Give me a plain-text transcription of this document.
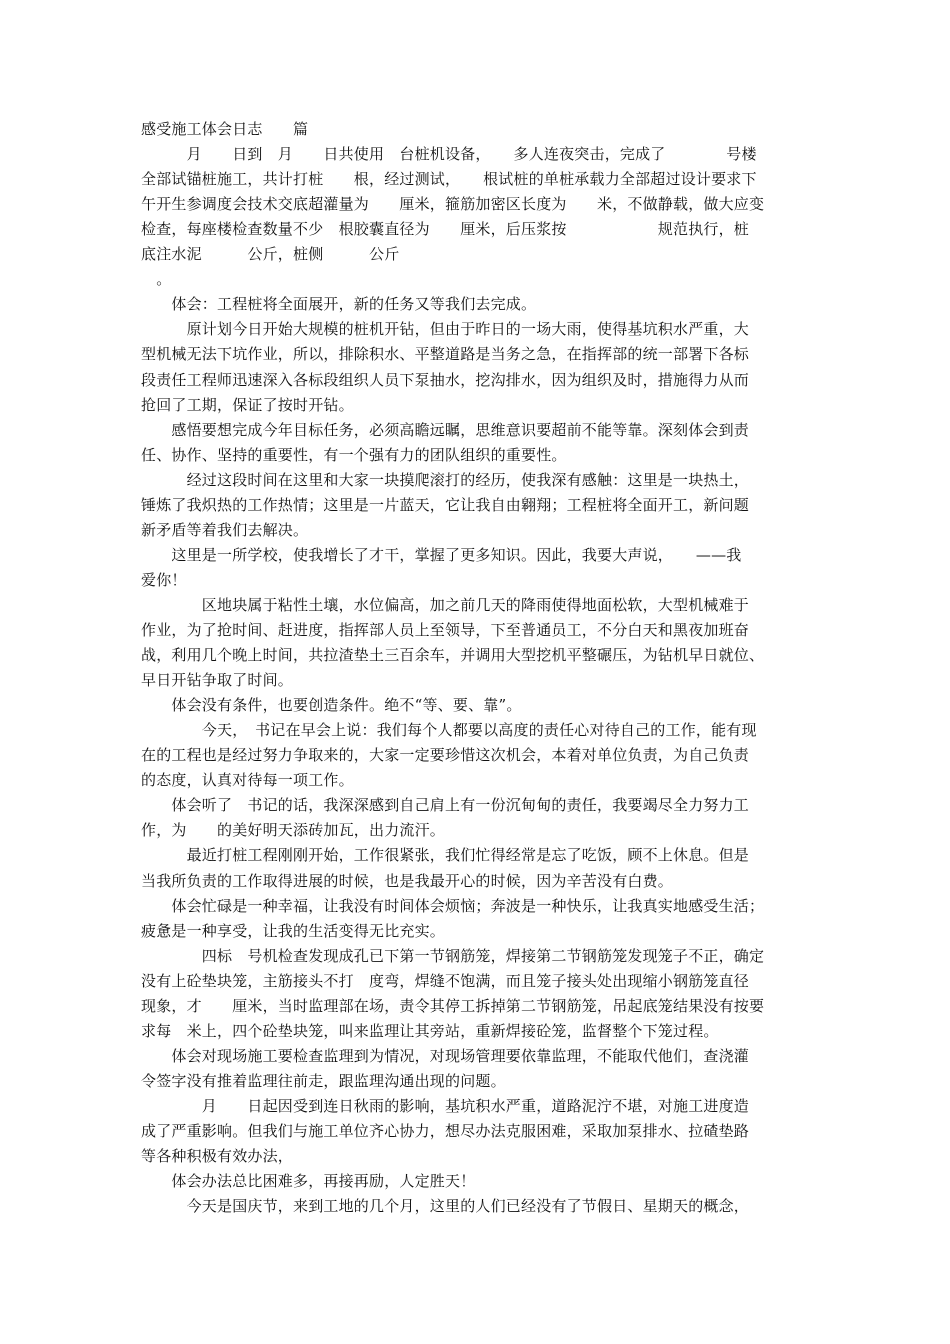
感受施工体会日志　　篇
　　　月　　日到　月　　日共使用　台桩机设备，　　多人连夜突击，完成了　　　　号楼
全部试锚桩施工，共计打桩　　根，经过测试，　　根试桩的单桩承载力全部超过设计要求下
午开生参调度会技术交底超灌量为　　厘米，箍筋加密区长度为　　米，不做静载，做大应变
检查，每座楼检查数量不少　根胶囊直径为　　厘米，后压浆按　　　　　　规范执行，桩
底注水泥　　　公斤，桩侧　　　公斤
　。
　　体会：工程桩将全面展开，新的任务又等我们去完成。
　　　原计划今日开始大规模的桩机开钻，但由于昨日的一场大雨，使得基坑积水严重，大
型机械无法下坑作业，所以，排除积水、平整道路是当务之急，在指挥部的统一部署下各标
段责任工程师迅速深入各标段组织人员下泵抽水，挖沟排水，因为组织及时，措施得力从而
抢回了工期，保证了按时开钻。
　　感悟要想完成今年目标任务，必须高瞻远瞩，思维意识要超前不能等靠。深刻体会到责
任、协作、坚持的重要性，有一个强有力的团队组织的重要性。
　　　经过这段时间在这里和大家一块摸爬滚打的经历，使我深有感触：这里是一块热土，
锤炼了我炽热的工作热情；这里是一片蓝天，它让我自由翱翔；工程桩将全面开工，新问题
新矛盾等着我们去解决。
　　这里是一所学校，使我增长了才干，掌握了更多知识。因此，我要大声说，　　——我
爱你！
　　　　区地块属于粘性土壤，水位偏高，加之前几天的降雨使得地面松软，大型机械难于
作业，为了抢时间、赶进度，指挥部人员上至领导，下至普通员工，不分白天和黑夜加班奋
战，利用几个晚上时间，共拉渣垫土三百余车，并调用大型挖机平整碾压，为钻机早日就位、
早日开钻争取了时间。
　　体会没有条件，也要创造条件。绝不“等、要、靠”。
　　　　今天，　书记在早会上说：我们每个人都要以高度的责任心对待自己的工作，能有现
在的工程也是经过努力争取来的，大家一定要珍惜这次机会，本着对单位负责，为自己负责
的态度，认真对待每一项工作。
　　体会听了　书记的话，我深深感到自己肩上有一份沉甸甸的责任，我要竭尽全力努力工
作，为　　的美好明天添砖加瓦，出力流汗。
　　　最近打桩工程刚刚开始，工作很紧张，我们忙得经常是忘了吃饭，顾不上休息。但是
当我所负责的工作取得进展的时候，也是我最开心的时候，因为辛苦没有白费。
　　体会忙碌是一种幸福，让我没有时间体会烦恼；奔波是一种快乐，让我真实地感受生活；
疲惫是一种享受，让我的生活变得无比充实。
　　　　四标　号机检查发现成孔已下第一节钢筋笼，焊接第二节钢筋笼发现笼子不正，确定
没有上砼垫块笼，主筋接头不打　度弯，焊缝不饱满，而且笼子接头处出现缩小钢筋笼直径
现象，才　　厘米，当时监理部在场，责令其停工拆掉第二节钢筋笼，吊起底笼结果没有按要
求每　米上，四个砼垫块笼，叫来监理让其旁站，重新焊接砼笼，监督整个下笼过程。
　　体会对现场施工要检查监理到为情况，对现场管理要依靠监理，不能取代他们，查浇灌
令签字没有推着监理往前走，跟监理沟通出现的问题。
　　　　月　　日起因受到连日秋雨的影响，基坑积水严重，道路泥泞不堪，对施工进度造
成了严重影响。但我们与施工单位齐心协力，想尽办法克服困难，采取加泵排水、拉碴垫路
等各种积极有效办法，
　　体会办法总比困难多，再接再励，人定胜天！
　　　今天是国庆节，来到工地的几个月，这里的人们已经没有了节假日、星期天的概念，
